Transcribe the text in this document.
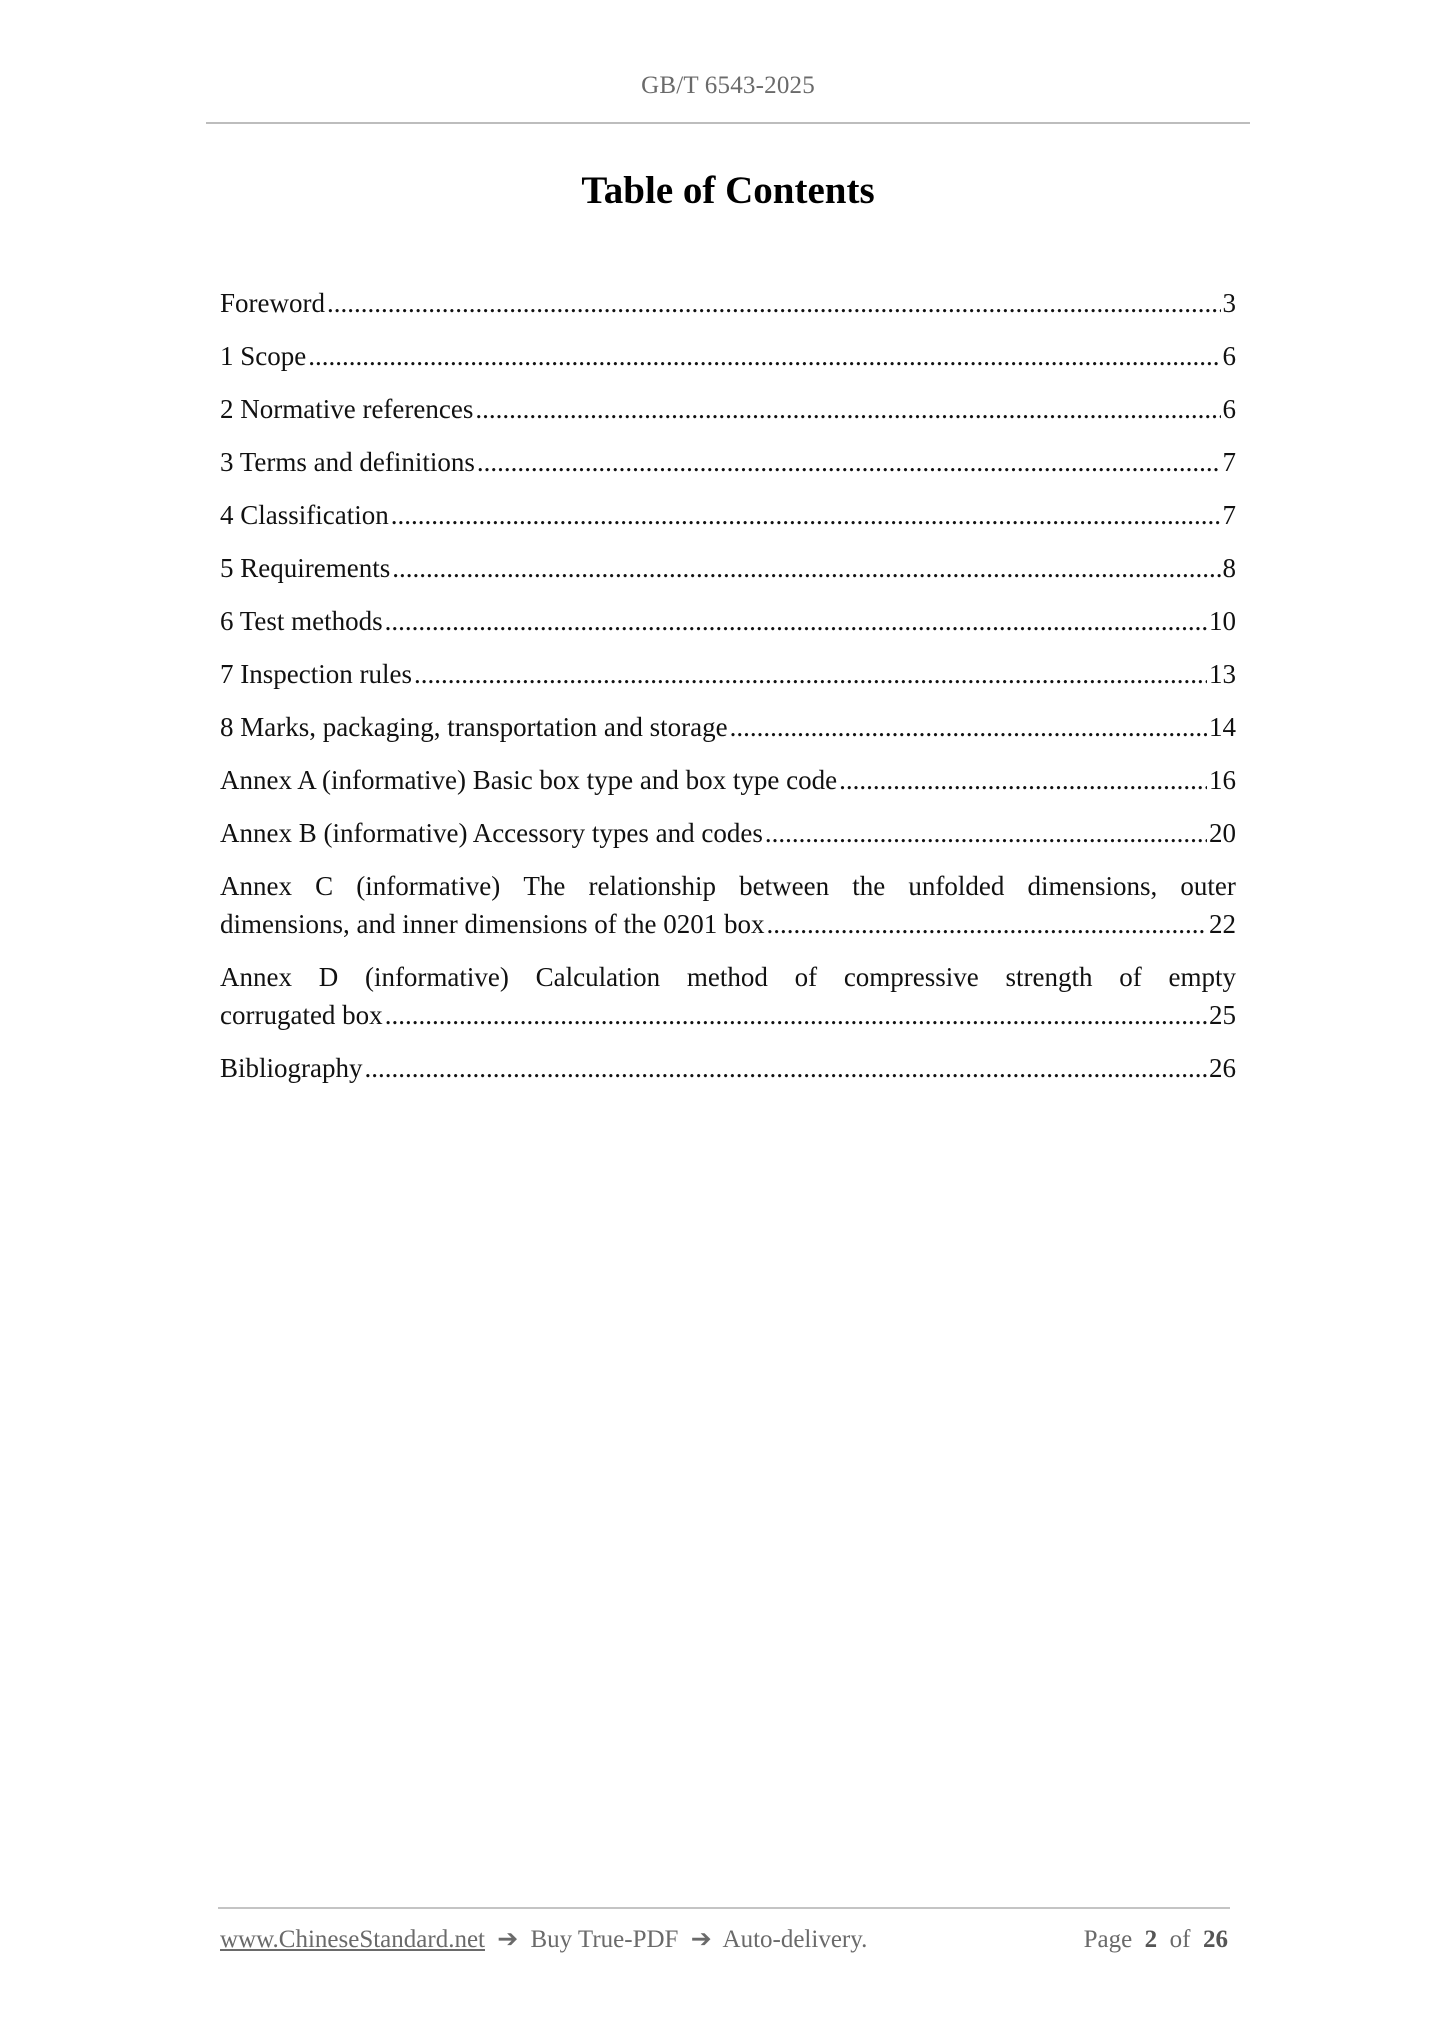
GB/T 6543-2025
Table of Contents
Foreword .....	3
1 Scope .....	6
2 Normative references .....	6
3 Terms and definitions .....	7
4 Classification .....	7
5 Requirements .....	8
6 Test methods .....	10
7 Inspection rules .....	13
8 Marks, packaging, transportation and storage .....	14
Annex A (informative) Basic box type and box type code .....	16
Annex B (informative) Accessory types and codes .....	20
Annex C (informative) The relationship between the unfolded dimensions, outer
dimensions, and inner dimensions of the 0201 box .....	22
Annex D (informative) Calculation method of compressive strength of empty
corrugated box .....	25
Bibliography .....	26
www.ChineseStandard.net ➔ Buy True-PDF ➔ Auto-delivery.	Page 2 of 26
